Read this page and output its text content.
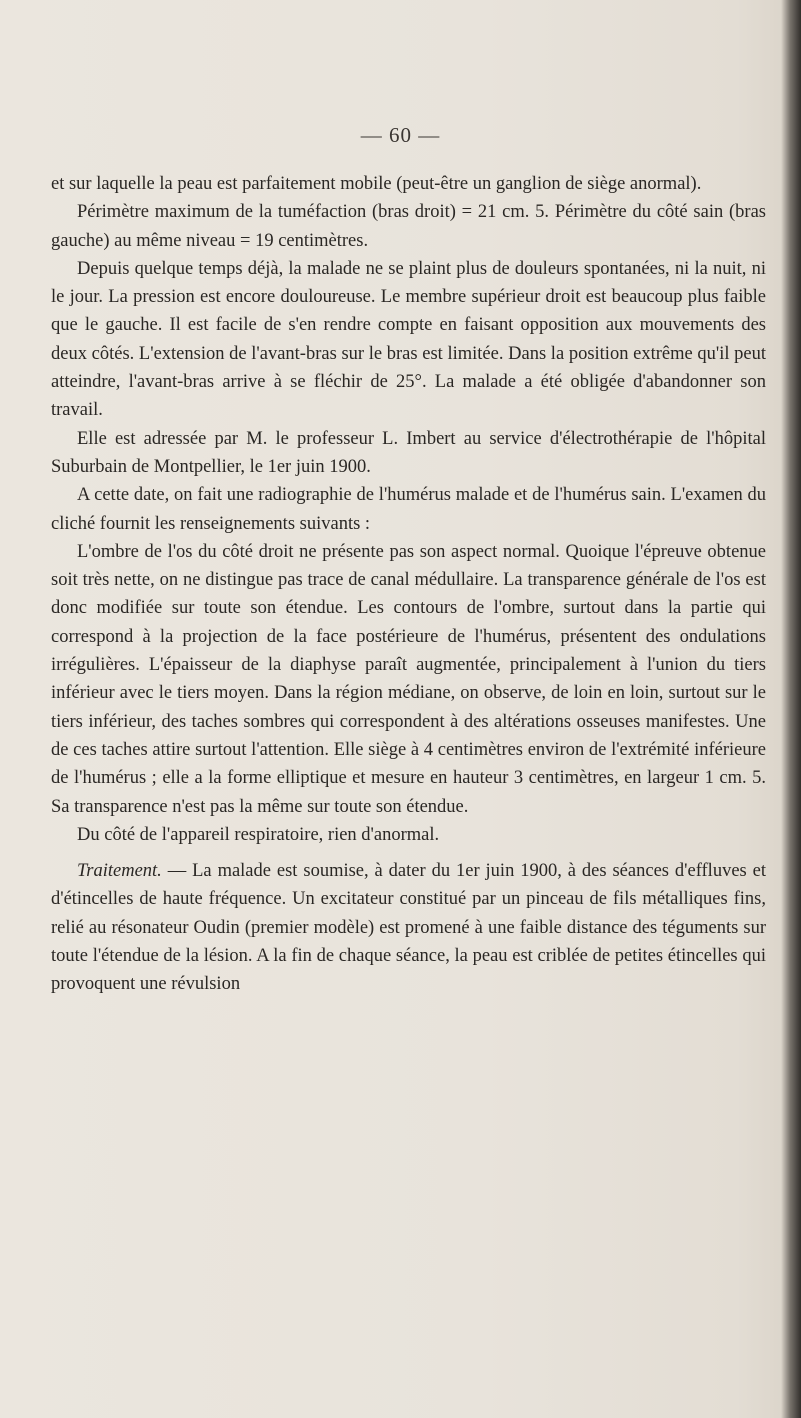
— 60 —

et sur laquelle la peau est parfaitement mobile (peut-être un ganglion de siège anormal).

Périmètre maximum de la tuméfaction (bras droit) = 21 cm. 5. Périmètre du côté sain (bras gauche) au même niveau = 19 centimètres.

Depuis quelque temps déjà, la malade ne se plaint plus de douleurs spontanées, ni la nuit, ni le jour. La pression est encore douloureuse. Le membre supérieur droit est beaucoup plus faible que le gauche. Il est facile de s'en rendre compte en faisant opposition aux mouvements des deux côtés. L'extension de l'avant-bras sur le bras est limitée. Dans la position extrême qu'il peut atteindre, l'avant-bras arrive à se fléchir de 25°. La malade a été obligée d'abandonner son travail.

Elle est adressée par M. le professeur L. Imbert au service d'électrothérapie de l'hôpital Suburbain de Montpellier, le 1er juin 1900.

A cette date, on fait une radiographie de l'humérus malade et de l'humérus sain. L'examen du cliché fournit les renseignements suivants :

L'ombre de l'os du côté droit ne présente pas son aspect normal. Quoique l'épreuve obtenue soit très nette, on ne distingue pas trace de canal médullaire. La transparence générale de l'os est donc modifiée sur toute son étendue. Les contours de l'ombre, surtout dans la partie qui correspond à la projection de la face postérieure de l'humérus, présentent des ondulations irrégulières. L'épaisseur de la diaphyse paraît augmentée, principalement à l'union du tiers inférieur avec le tiers moyen. Dans la région médiane, on observe, de loin en loin, surtout sur le tiers inférieur, des taches sombres qui correspondent à des altérations osseuses manifestes. Une de ces taches attire surtout l'attention. Elle siège à 4 centimètres environ de l'extrémité inférieure de l'humérus ; elle a la forme elliptique et mesure en hauteur 3 centimètres, en largeur 1 cm. 5. Sa transparence n'est pas la même sur toute son étendue.

Du côté de l'appareil respiratoire, rien d'anormal.

Traitement. — La malade est soumise, à dater du 1er juin 1900, à des séances d'effluves et d'étincelles de haute fréquence. Un excitateur constitué par un pinceau de fils métalliques fins, relié au résonateur Oudin (premier modèle) est promené à une faible distance des téguments sur toute l'étendue de la lésion. A la fin de chaque séance, la peau est criblée de petites étincelles qui provoquent une révulsion
